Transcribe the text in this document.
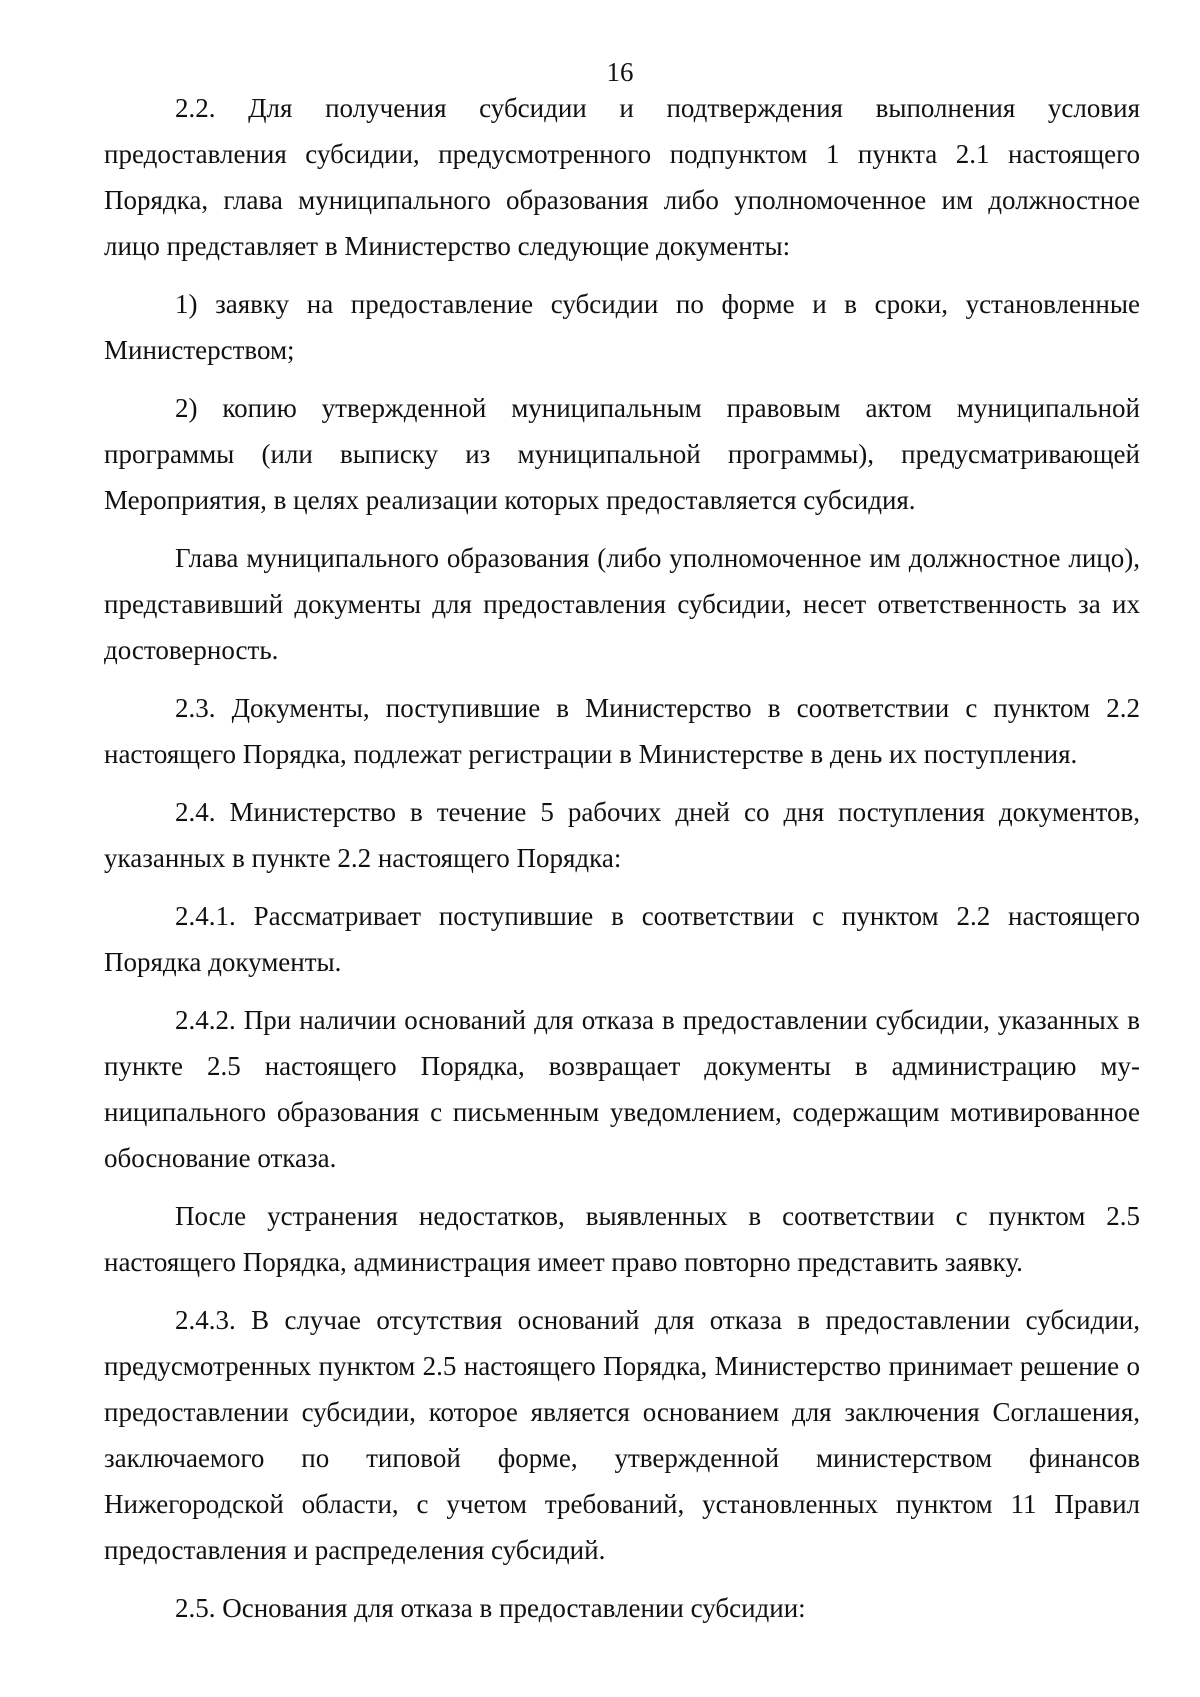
16

2.2. Для получения субсидии и подтверждения выполнения условия предоставления субсидии, предусмотренного подпунктом 1 пункта 2.1 настоящего Порядка, глава муниципального образования либо уполномоченное им должностное лицо представляет в Министерство следующие документы:

1) заявку на предоставление субсидии по форме и в сроки, установленные Министерством;

2) копию утвержденной муниципальным правовым актом муниципальной программы (или выписку из муниципальной программы), предусматривающей Мероприятия, в целях реализации которых предоставляется субсидия.

Глава муниципального образования (либо уполномоченное им должностное лицо), представивший документы для предоставления субсидии, несет ответственность за их достоверность.

2.3. Документы, поступившие в Министерство в соответствии с пунктом 2.2 настоящего Порядка, подлежат регистрации в Министерстве в день их поступления.

2.4. Министерство в течение 5 рабочих дней со дня поступления документов, указанных в пункте 2.2 настоящего Порядка:

2.4.1. Рассматривает поступившие в соответствии с пунктом 2.2 настоящего Порядка документы.

2.4.2. При наличии оснований для отказа в предоставлении субсидии, указанных в пункте 2.5 настоящего Порядка, возвращает документы в администрацию муниципального образования с письменным уведомлением, содержащим мотивированное обоснование отказа.

После устранения недостатков, выявленных в соответствии с пунктом 2.5 настоящего Порядка, администрация имеет право повторно представить заявку.

2.4.3. В случае отсутствия оснований для отказа в предоставлении субсидии, предусмотренных пунктом 2.5 настоящего Порядка, Министерство принимает решение о предоставлении субсидии, которое является основанием для заключения Соглашения, заключаемого по типовой форме, утвержденной министерством финансов Нижегородской области, с учетом требований, установленных пунктом 11 Правил предоставления и распределения субсидий.

2.5. Основания для отказа в предоставлении субсидии:
